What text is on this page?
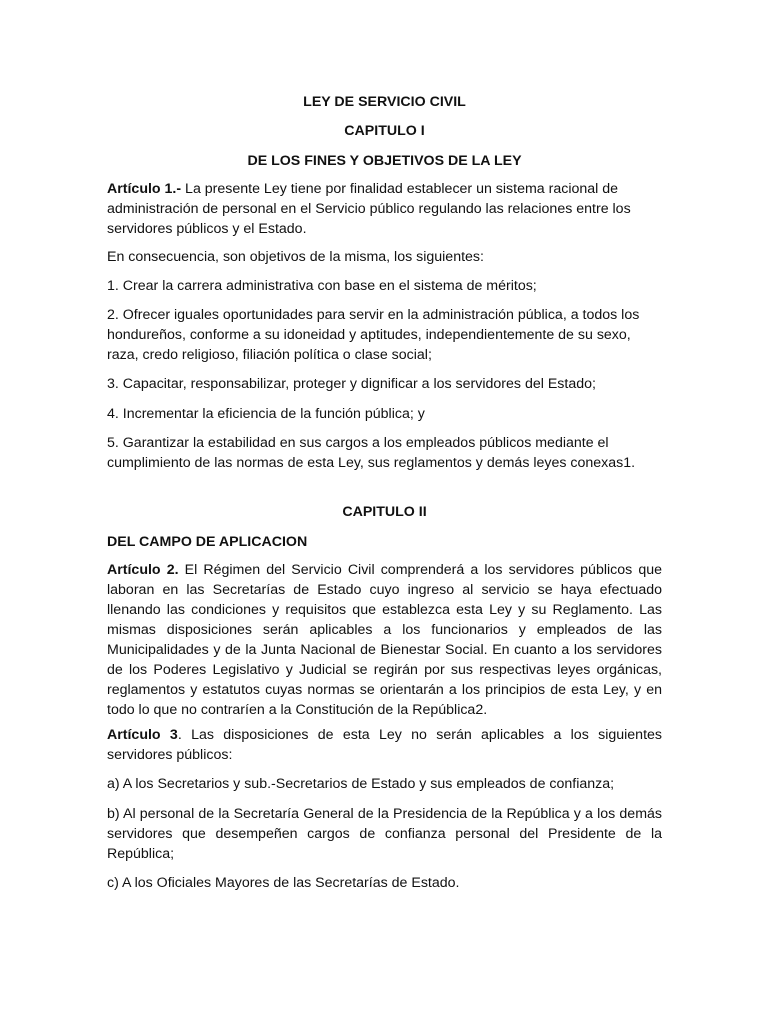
LEY DE SERVICIO CIVIL

CAPITULO I

DE LOS FINES Y OBJETIVOS DE LA LEY

Artículo 1.- La presente Ley tiene por finalidad establecer un sistema racional de administración de personal en el Servicio público regulando las relaciones entre los servidores públicos y el Estado.

En consecuencia, son objetivos de la misma, los siguientes:

1. Crear la carrera administrativa con base en el sistema de méritos;

2. Ofrecer iguales oportunidades para servir en la administración pública, a todos los hondureños, conforme a su idoneidad y aptitudes, independientemente de su sexo, raza, credo religioso, filiación política o clase social;

3. Capacitar, responsabilizar, proteger y dignificar a los servidores del Estado;

4. Incrementar la eficiencia de la función pública; y

5. Garantizar la estabilidad en sus cargos a los empleados públicos mediante el cumplimiento de las normas de esta Ley, sus reglamentos y demás leyes conexas1.

CAPITULO II

DEL CAMPO DE APLICACION

Artículo 2. El Régimen del Servicio Civil comprenderá a los servidores públicos que laboran en las Secretarías de Estado cuyo ingreso al servicio se haya efectuado llenando las condiciones y requisitos que establezca esta Ley y su Reglamento. Las mismas disposiciones serán aplicables a los funcionarios y empleados de las Municipalidades y de la Junta Nacional de Bienestar Social. En cuanto a los servidores de los Poderes Legislativo y Judicial se regirán por sus respectivas leyes orgánicas, reglamentos y estatutos cuyas normas se orientarán a los principios de esta Ley, y en todo lo que no contraríen a la Constitución de la República2.

Artículo 3. Las disposiciones de esta Ley no serán aplicables a los siguientes servidores públicos:

a) A los Secretarios y sub.-Secretarios de Estado y sus empleados de confianza;

b) Al personal de la Secretaría General de la Presidencia de la República y a los demás servidores que desempeñen cargos de confianza personal del Presidente de la República;

c) A los Oficiales Mayores de las Secretarías de Estado.
